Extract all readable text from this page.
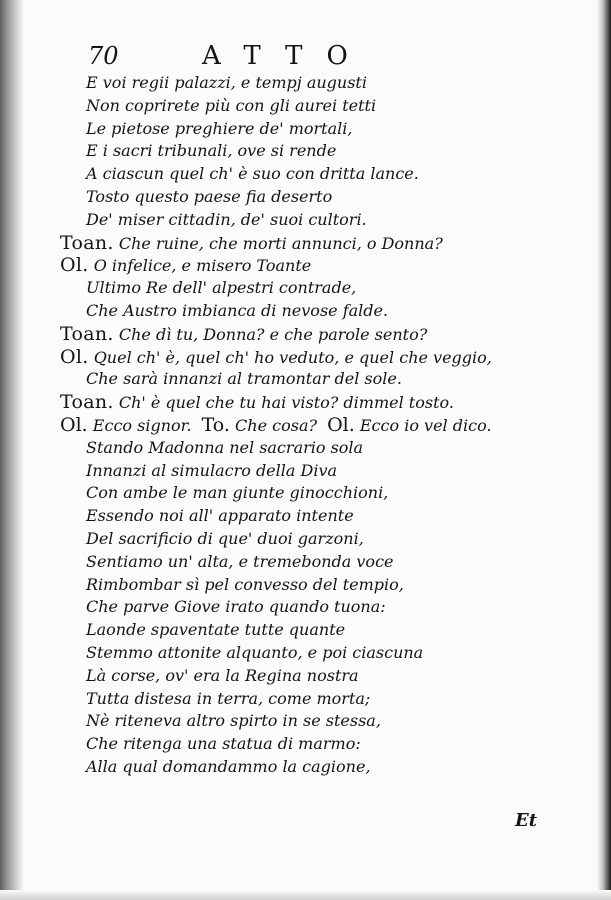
70	ATTO
E voi regii palazzi, e tempj augusti
Non coprirete più con gli aurei tetti
Le pietose preghiere de' mortali,
E i sacri tribunali, ove si rende
A ciascun quel ch' è suo con dritta lance.
Tosto questo paese fia deserto
De' miser cittadin, de' suoi cultori.
Toan. Che ruine, che morti annunci, o Donna?
Ol. O infelice, e misero Toante
Ultimo Re dell' alpestri contrade,
Che Austro imbianca di nevose falde.
Toan. Che dì tu, Donna? e che parole sento?
Ol. Quel ch' è, quel ch' ho veduto, e quel che veggio,
Che sarà innanzi al tramontar del sole.
Toan. Ch' è quel che tu hai visto? dimmel tosto.
Ol. Ecco signor. To. Che cosa? Ol. Ecco io vel dico.
Stando Madonna nel sacrario sola
Innanzi al simulacro della Diva
Con ambe le man giunte ginocchioni,
Essendo noi all' apparato intente
Del sacrificio di que' duoi garzoni,
Sentiamo un' alta, e tremebonda voce
Rimbombar sì pel convesso del tempio,
Che parve Giove irato quando tuona:
Laonde spaventate tutte quante
Stemmo attonite alquanto, e poi ciascuna
Là corse, ov' era la Regina nostra
Tutta distesa in terra, come morta;
Nè riteneva altro spirto in se stessa,
Che ritenga una statua di marmo:
Alla qual domandammo la cagione,
Et
